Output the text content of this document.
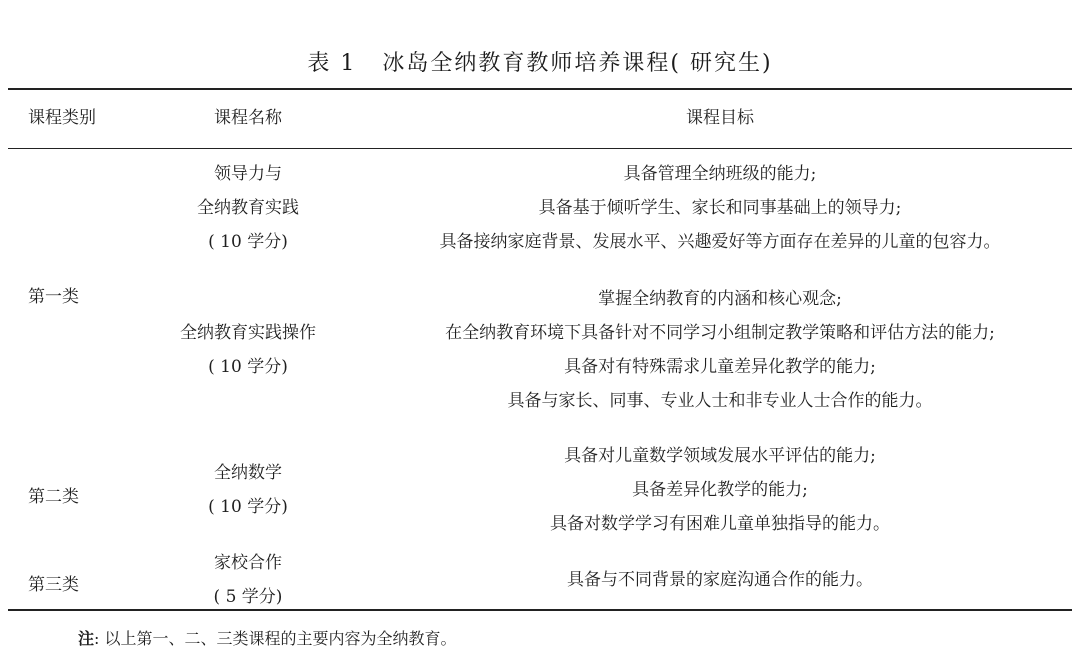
表 1 冰岛全纳教育教师培养课程( 研究生)
课程类别	课程名称	课程目标
第一类
领导力与
全纳教育实践
( 10 学分)
具备管理全纳班级的能力;
具备基于倾听学生、家长和同事基础上的领导力;
具备接纳家庭背景、发展水平、兴趣爱好等方面存在差异的儿童的包容力。
全纳教育实践操作
( 10 学分)
掌握全纳教育的内涵和核心观念;
在全纳教育环境下具备针对不同学习小组制定教学策略和评估方法的能力;
具备对有特殊需求儿童差异化教学的能力;
具备与家长、同事、专业人士和非专业人士合作的能力。
第二类
全纳数学
( 10 学分)
具备对儿童数学领域发展水平评估的能力;
具备差异化教学的能力;
具备对数学学习有困难儿童单独指导的能力。
第三类
家校合作
( 5 学分)
具备与不同背景的家庭沟通合作的能力。
注: 以上第一、二、三类课程的主要内容为全纳教育。
